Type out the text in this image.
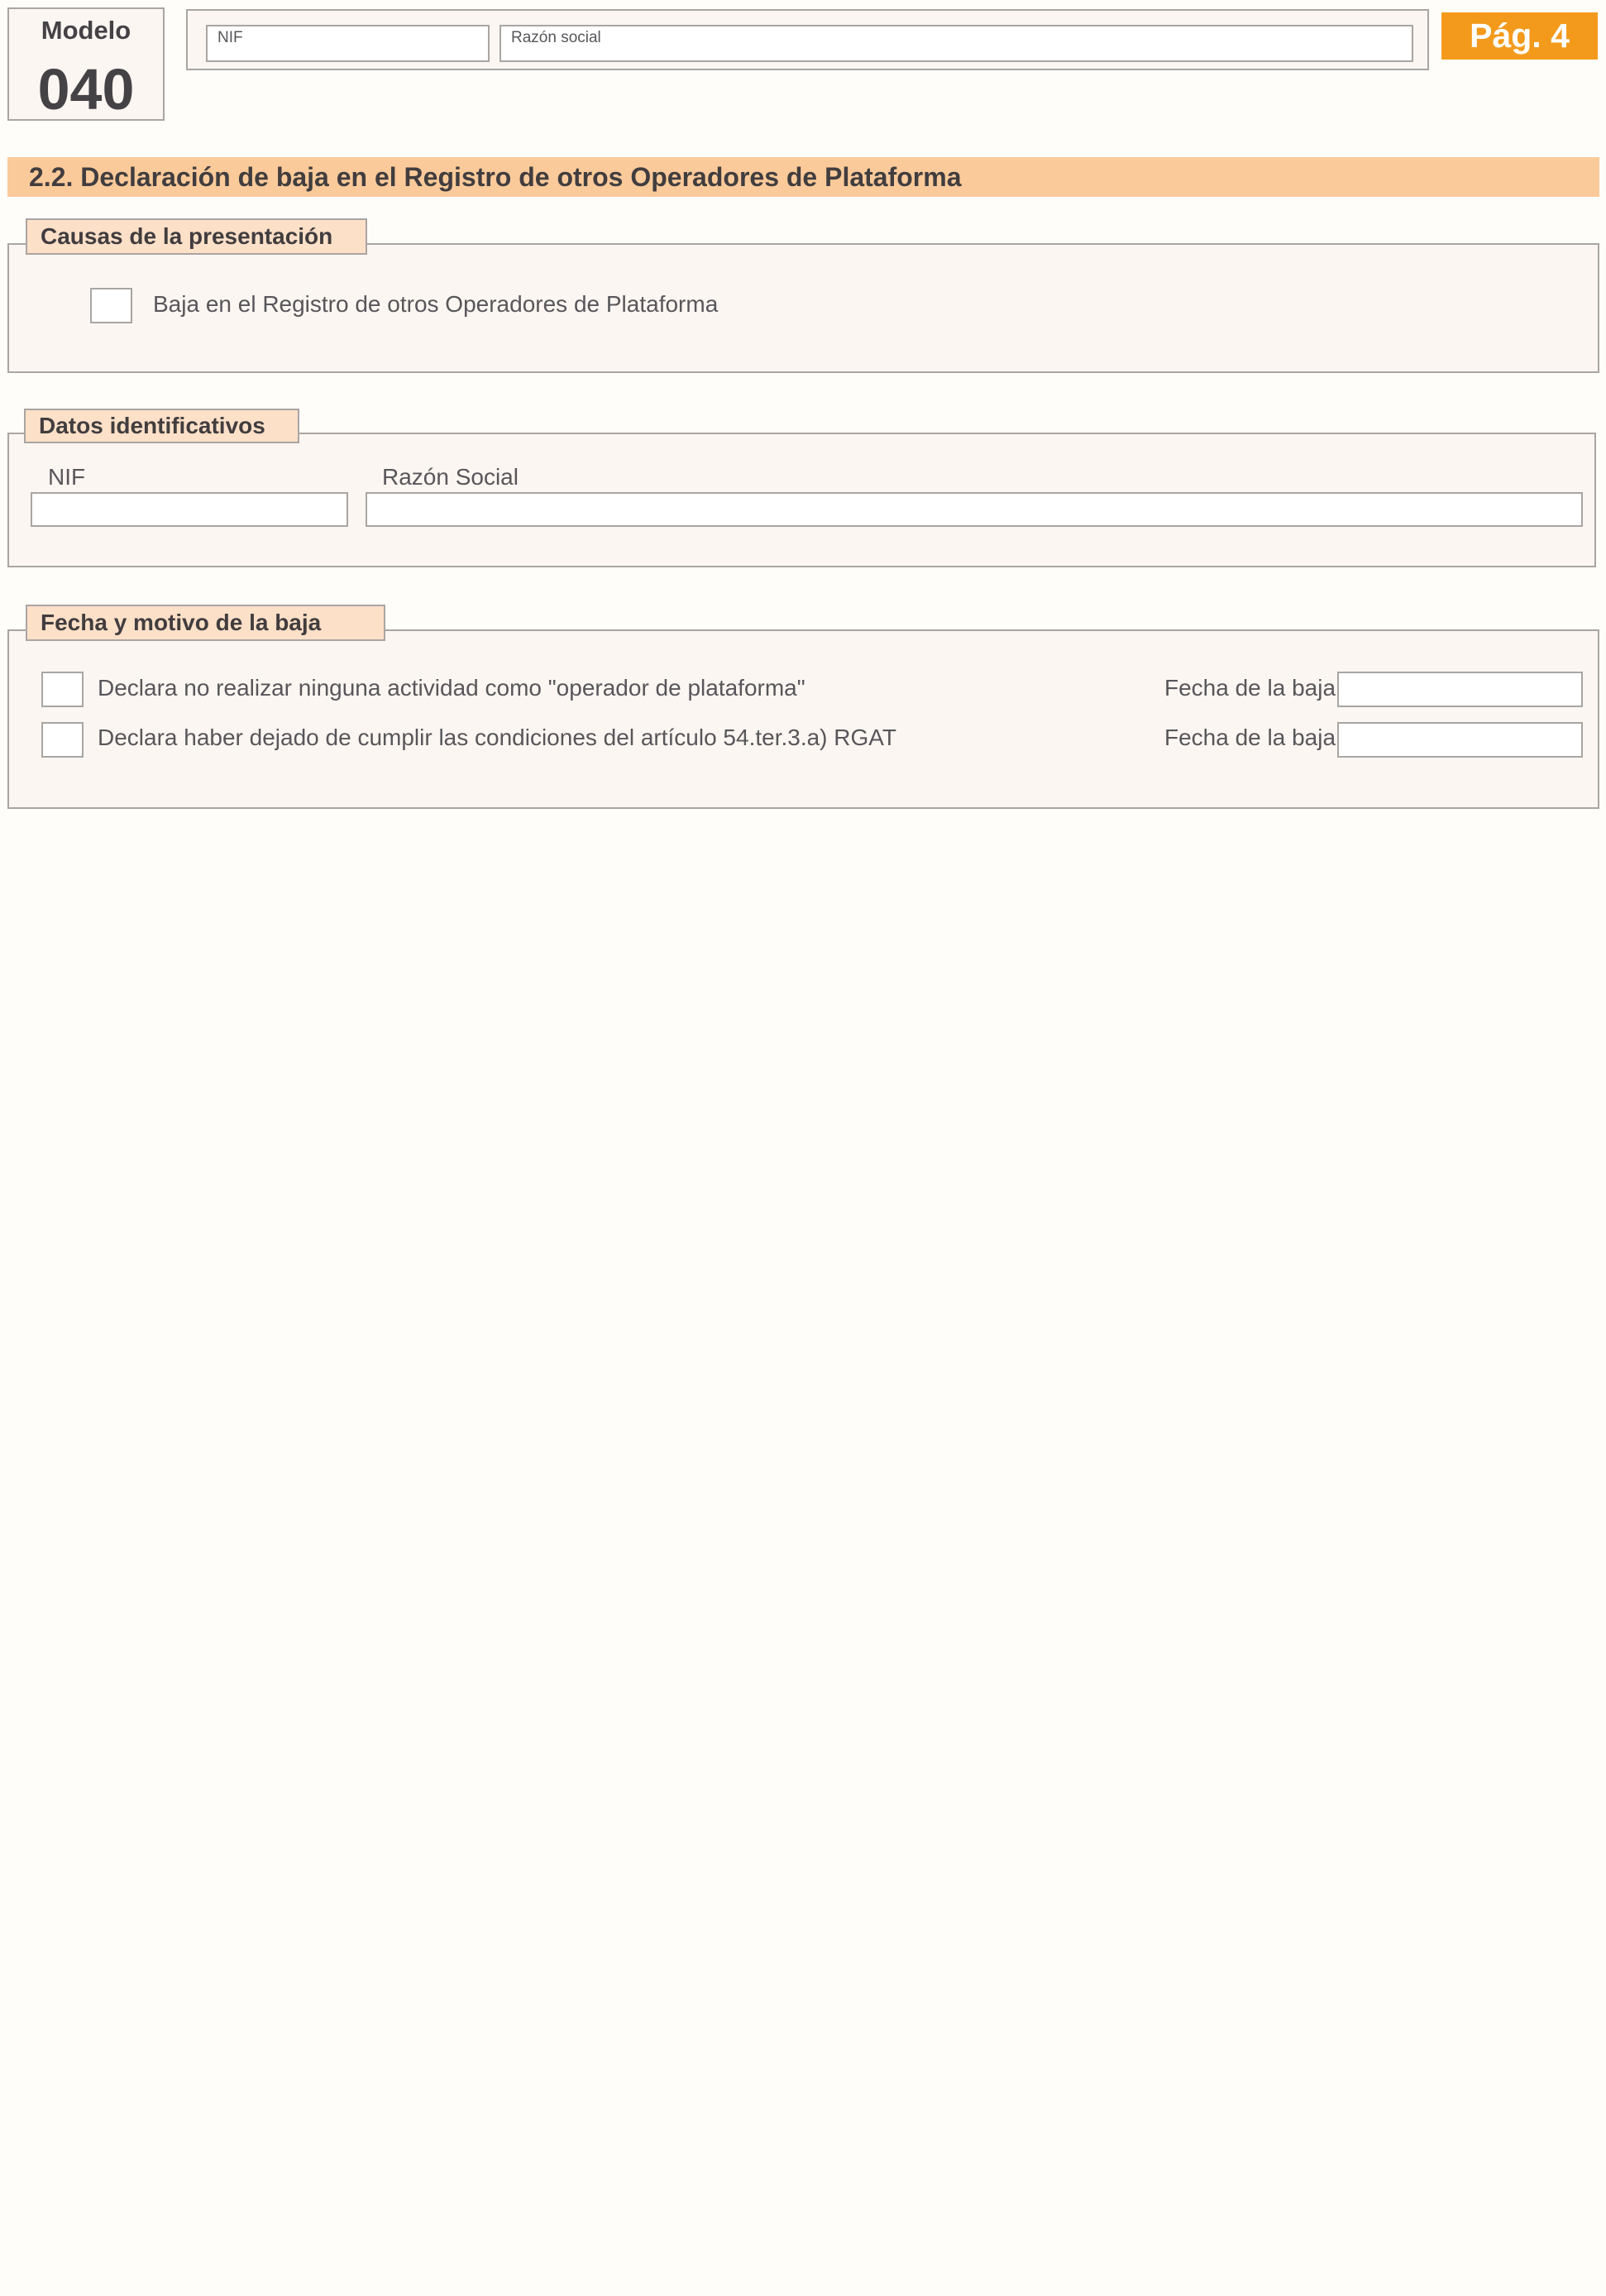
Modelo
040
NIF	Razón social	Pág. 4
2.2. Declaración de baja en el Registro de otros Operadores de Plataforma
Causas de la presentación
Baja en el Registro de otros Operadores de Plataforma
Datos identificativos
NIF	Razón Social
Fecha y motivo de la baja
Declara no realizar ninguna actividad como "operador de plataforma"	Fecha de la baja
Declara haber dejado de cumplir las condiciones del artículo 54.ter.3.a) RGAT	Fecha de la baja
